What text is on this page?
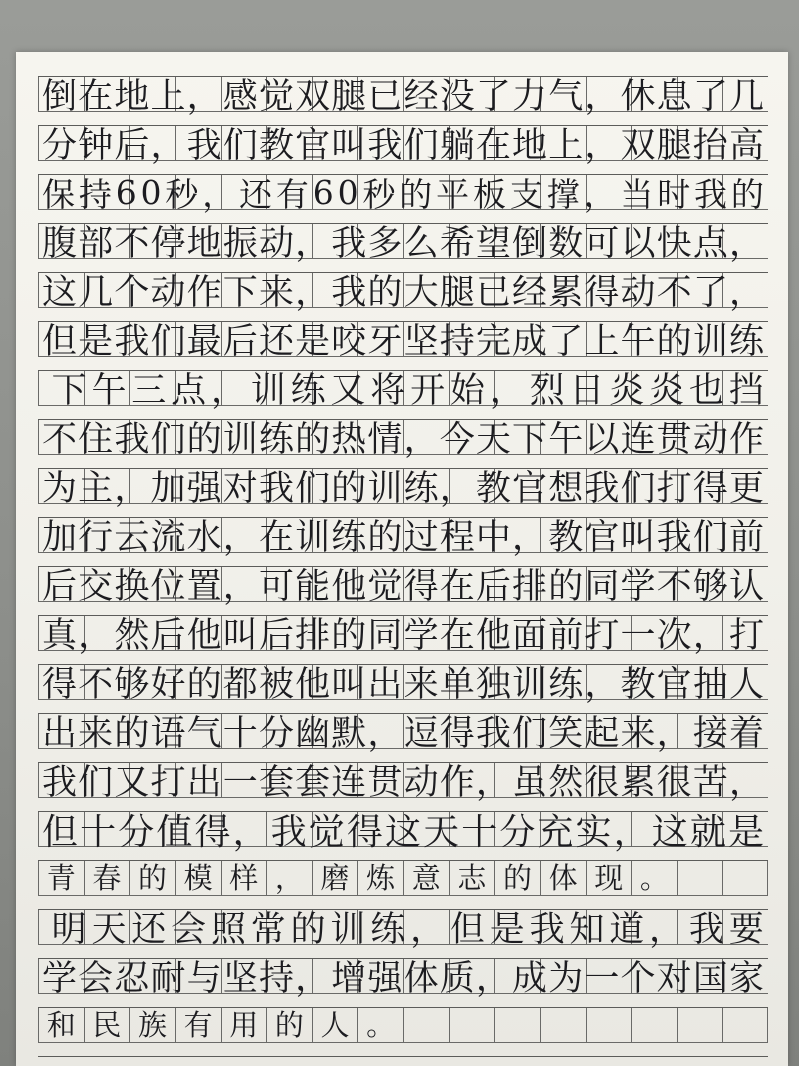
倒 在 地 上 ， 感 觉 双 腿 已 经 没 了 力 气 ， 休 息 了 几
分 钟 后 ， 我 们 教 官 叫 我 们 躺 在 地 上 ， 双 腿 抬 高
保 持 6 0 秒 ， 还 有 6 0 秒 的 平 板 支 撑 ， 当 时 我 的
腹 部 不 停 地 振 动 ， 我 多 么 希 望 倒 数 可 以 快 点 ，
这 几 个 动 作 下 来 ， 我 的 大 腿 已 经 累 得 动 不 了 ，
但 是 我 们 最 后 还 是 咬 牙 坚 持 完 成 了 上 午 的 训 练
下 午 三 点 ， 训 练 又 将 开 始 ， 烈 日 炎 炎 也 挡
不 住 我 们 的 训 练 的 热 情 ， 今 天 下 午 以 连 贯 动 作
为 主 ， 加 强 对 我 们 的 训 练 ， 教 官 想 我 们 打 得 更
加 行 云 流 水 ， 在 训 练 的 过 程 中 ， 教 官 叫 我 们 前
后 交 换 位 置 ， 可 能 他 觉 得 在 后 排 的 同 学 不 够 认
真 ， 然 后 他 叫 后 排 的 同 学 在 他 面 前 打 一 次 ， 打
得 不 够 好 的 都 被 他 叫 出 来 单 独 训 练 ， 教 官 抽 人
出 来 的 语 气 十 分 幽 默 ， 逗 得 我 们 笑 起 来 ， 接 着
我 们 又 打 出 一 套 套 连 贯 动 作 ， 虽 然 很 累 很 苦 ，
但 十 分 值 得 ， 我 觉 得 这 天 十 分 充 实 ， 这 就 是
青 春 的 模 样 ， 磨 炼 意 志 的 体 现 。
明 天 还 会 照 常 的 训 练 ， 但 是 我 知 道 ， 我 要
学 会 忍 耐 与 坚 持 ， 增 强 体 质 ， 成 为 一 个 对 国 家
和 民 族 有 用 的 人 。
